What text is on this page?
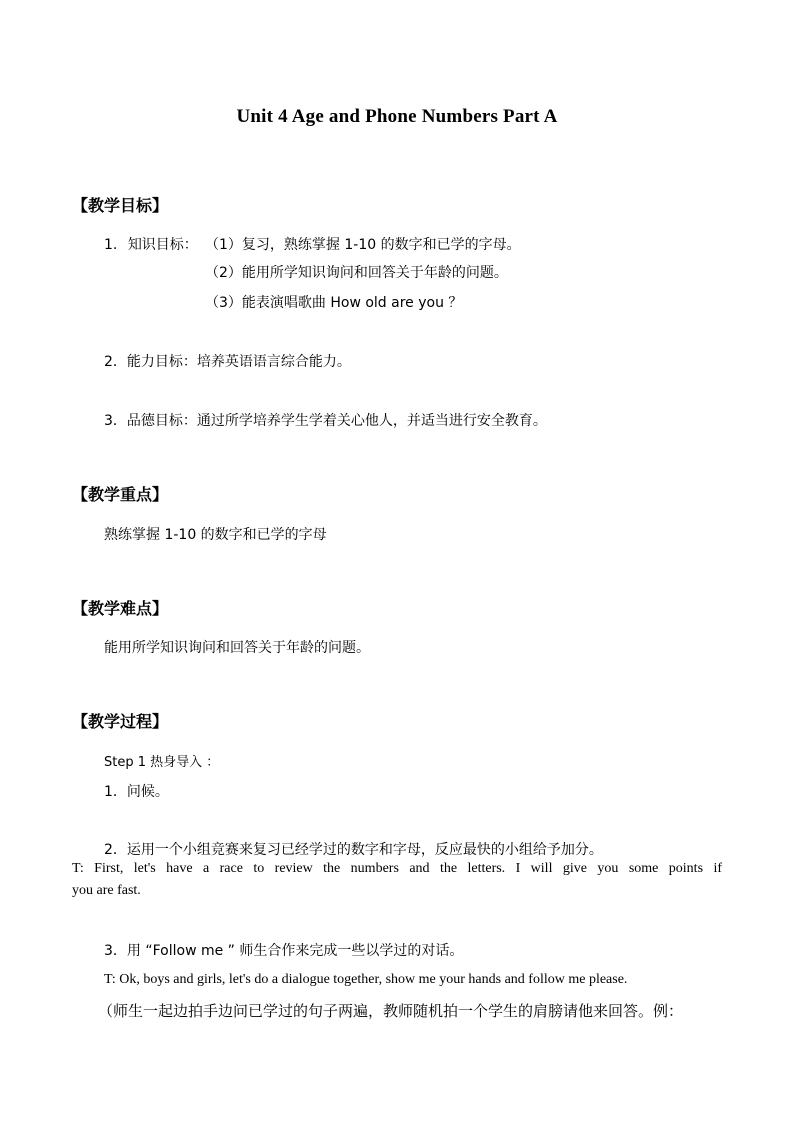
Unit 4 Age and Phone Numbers Part A
【教学目标】
1. 知识目标： （1）复习，熟练掌握 1-10 的数字和已学的字母。
（2）能用所学知识询问和回答关于年龄的问题。
（3）能表演唱歌曲 How old are you ？
2．能力目标：培养英语语言综合能力。
3．品德目标：通过所学培养学生学着关心他人，并适当进行安全教育。
【教学重点】
熟练掌握 1-10 的数字和已学的字母
【教学难点】
能用所学知识询问和回答关于年龄的问题。
【教学过程】
Step 1 热身导入 ：
1．问候。
2．运用一个小组竞赛来复习已经学过的数字和字母，反应最快的小组给予加分。
T: First, let's have a race to review the numbers and the letters. I will give you some points if
you are fast.
3．用 “Follow me ” 师生合作来完成一些以学过的对话。
T: Ok, boys and girls, let's do a dialogue together, show me your hands and follow me please.
（师生一起边拍手边问已学过的句子两遍，教师随机拍一个学生的肩膀请他来回答。例：
